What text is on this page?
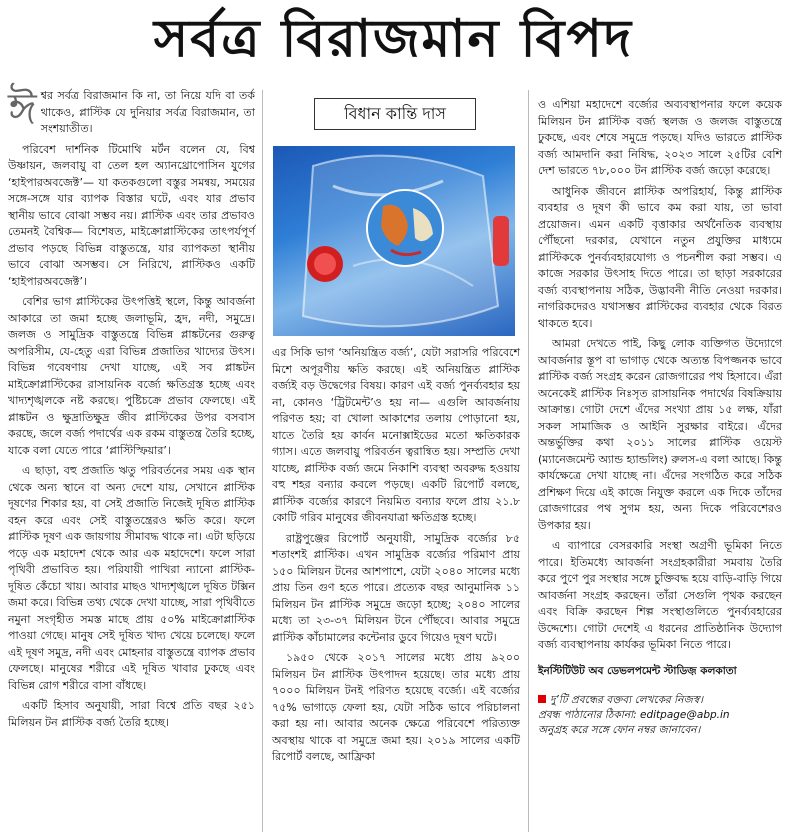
সর্বত্র বিরাজমান বিপদ

ঈশ্বর সর্বত্র বিরাজমান কি না, তা নিয়ে যদি বা তর্ক থাকেও, প্লাস্টিক যে দুনিয়ার সর্বত্র বিরাজমান, তা সংশয়াতীত।

পরিবেশ দার্শনিক টিমোথি মর্টন বলেন যে, বিশ্ব উষ্ণায়ন, জলবায়ু বা তেল হল অ্যানথ্রোপোসিন যুগের ‘হাইপারঅবজেক্ট’— যা কতকগুলো বস্তুর সমন্বয়, সময়ের সঙ্গে-সঙ্গে যার ব্যাপক বিস্তার ঘটে, এবং যার প্রভাব স্থানীয় ভাবে বোঝা সম্ভব নয়। প্লাস্টিক এবং তার প্রভাবও তেমনই বৈশ্বিক— বিশেষত, মাইক্রোপ্লাস্টিকের তাৎপর্যপূর্ণ প্রভাব পড়ছে বিভিন্ন বাস্তুতন্ত্রে, যার ব্যাপকতা স্থানীয় ভাবে বোঝা অসম্ভব। সে নিরিখে, প্লাস্টিকও একটি ‘হাইপারঅবজেক্ট’।

বেশির ভাগ প্লাস্টিকের উৎপত্তিই স্থলে, কিন্তু আবর্জনা আকারে তা জমা হচ্ছে জলাভূমি, হ্রদ, নদী, সমুদ্রে। জলজ ও সামুদ্রিক বাস্তুতন্ত্রে বিভিন্ন প্লাঙ্কটনের গুরুত্ব অপরিসীম, যে-হেতু এরা বিভিন্ন প্রজাতির খাদ্যের উৎস। বিভিন্ন গবেষণায় দেখা যাচ্ছে, এই সব প্লাঙ্কটন মাইক্রোপ্লাস্টিকের রাসায়নিক বর্জ্যে ক্ষতিগ্রস্ত হচ্ছে এবং খাদ্যশৃঙ্খলকে নষ্ট করছে। পুষ্টিচক্রে প্রভাব ফেলছে। এই প্লাঙ্কটন ও ক্ষুদ্রাতিক্ষুদ্র জীব প্লাস্টিকের উপর বসবাস করছে, জলে বর্জ্য পদার্থের এক রকম বাস্তুতন্ত্র তৈরি হচ্ছে, যাকে বলা যেতে পারে ‘প্লাস্টিস্ফিয়ার’।

এ ছাড়া, বহু প্রজাতি ঋতু পরিবর্তনের সময় এক স্থান থেকে অন্য স্থানে বা অন্য দেশে যায়, সেখানে প্লাস্টিক দূষণের শিকার হয়, বা সেই প্রজাতি নিজেই দূষিত প্লাস্টিক বহন করে এবং সেই বাস্তুতন্ত্রেরও ক্ষতি করে। ফলে প্লাস্টিক দূষণ এক জায়গায় সীমাবদ্ধ থাকে না। এটা ছড়িয়ে পড়ে এক মহাদেশ থেকে আর এক মহাদেশে। ফলে সারা পৃথিবী প্রভাবিত হয়। পরিযায়ী পাখিরা ন্যানো প্লাস্টিক-দূষিত কেঁচো খায়। আবার মাছও খাদ্যশৃঙ্খলে দূষিত টক্সিন জমা করে। বিভিন্ন তথ্য থেকে দেখা যাচ্ছে, সারা পৃথিবীতে নমুনা সংগৃহীত সমস্ত মাছে প্রায় ৫০% মাইক্রোপ্লাস্টিক পাওয়া গেছে। মানুষ সেই দূষিত খাদ্য খেয়ে চলেছে। ফলে এই দূষণ সমুদ্র, নদী এবং মোহনার বাস্তুতন্ত্রে ব্যাপক প্রভাব ফেলছে। মানুষের শরীরে এই দূষিত খাবার ঢুকছে এবং বিভিন্ন রোগ শরীরে বাসা বাঁধছে।

একটি হিসাব অনুযায়ী, সারা বিশ্বে প্রতি বছর ২৫১ মিলিয়ন টন প্লাস্টিক বর্জ্য তৈরি হচ্ছে।

বিধান কান্তি দাস

এর সিকি ভাগ ‘অনিয়ন্ত্রিত বর্জ্য’, যেটা সরাসরি পরিবেশে মিশে অপূরণীয় ক্ষতি করছে। এই অনিয়ন্ত্রিত প্লাস্টিক বর্জ্যই বড় উদ্বেগের বিষয়। কারণ এই বর্জ্য পুনর্ব্যবহার হয় না, কোনও ‘ট্রিটমেন্ট’ও হয় না— এগুলি আবর্জনায় পরিণত হয়; বা খোলা আকাশের তলায় পোড়ানো হয়, যাতে তৈরি হয় কার্বন মনোক্সাইডের মতো ক্ষতিকারক গ্যাস। এতে জলবায়ু পরিবর্তন ত্বরান্বিত হয়। সম্প্রতি দেখা যাচ্ছে, প্লাস্টিক বর্জ্য জমে নিকাশি ব্যবস্থা অবরুদ্ধ হওয়ায় বহু শহর বন্যার কবলে পড়ছে। একটি রিপোর্ট বলছে, প্লাস্টিক বর্জ্যের কারণে নিয়মিত বন্যার ফলে প্রায় ২১.৮ কোটি গরিব মানুষের জীবনযাত্রা ক্ষতিগ্রস্ত হচ্ছে।

রাষ্ট্রপুঞ্জের রিপোর্ট অনুযায়ী, সামুদ্রিক বর্জ্যের ৮৫ শতাংশই প্লাস্টিক। এখন সামুদ্রিক বর্জ্যের পরিমাণ প্রায় ১৫০ মিলিয়ন টনের আশপাশে, যেটা ২০৪০ সালের মধ্যে প্রায় তিন গুণ হতে পারে। প্রত্যেক বছর আনুমানিক ১১ মিলিয়ন টন প্লাস্টিক সমুদ্রে জড়ো হচ্ছে; ২০৪০ সালের মধ্যে তা ২৩-৩৭ মিলিয়ন টনে পৌঁছবে। আবার সমুদ্রে প্লাস্টিক কাঁচামালের কন্টেনার ডুবে গিয়েও দূষণ ঘটে।

১৯৫০ থেকে ২০১৭ সালের মধ্যে প্রায় ৯২০০ মিলিয়ন টন প্লাস্টিক উৎপাদন হয়েছে। তার মধ্যে প্রায় ৭০০০ মিলিয়ন টনই পরিণত হয়েছে বর্জ্যে। এই বর্জ্যের ৭৫% ভাগাড়ে ফেলা হয়, যেটা সঠিক ভাবে পরিচালনা করা হয় না। আবার অনেক ক্ষেত্রে পরিবেশে পরিত্যক্ত অবস্থায় থাকে বা সমুদ্রে জমা হয়। ২০১৯ সালের একটি রিপোর্ট বলছে, আফ্রিকা

ও এশিয়া মহাদেশে বর্জ্যের অব্যবস্থাপনার ফলে কয়েক মিলিয়ন টন প্লাস্টিক বর্জ্য স্থলজ ও জলজ বাস্তুতন্ত্রে ঢুকছে, এবং শেষে সমুদ্রে পড়ছে। যদিও ভারতে প্লাস্টিক বর্জ্য আমদানি করা নিষিদ্ধ, ২০২৩ সালে ২৫টির বেশি দেশ ভারতে ৭৮,০০০ টন প্লাস্টিক বর্জ্য জড়ো করেছে।

আধুনিক জীবনে প্লাস্টিক অপরিহার্য, কিন্তু প্লাস্টিক ব্যবহার ও দূষণ কী ভাবে কম করা যায়, তা ভাবা প্রয়োজন। এমন একটি বৃত্তাকার অর্থনৈতিক ব্যবস্থায় পৌঁছনো দরকার, যেখানে নতুন প্রযুক্তির মাধ্যমে প্লাস্টিককে পুনর্ব্যবহারযোগ্য ও পচনশীল করা সম্ভব। এ কাজে সরকার উৎসাহ দিতে পারে। তা ছাড়া সরকারের বর্জ্য ব্যবস্থাপনায় সঠিক, উদ্ভাবনী নীতি নেওয়া দরকার। নাগরিকদেরও যথাসম্ভব প্লাস্টিকের ব্যবহার থেকে বিরত থাকতে হবে।

আমরা দেখতে পাই, কিছু লোক ব্যক্তিগত উদ্যোগে আবর্জনার স্তূপ বা ভাগাড় থেকে অত্যন্ত বিপজ্জনক ভাবে প্লাস্টিক বর্জ্য সংগ্রহ করেন রোজগারের পথ হিসাবে। এঁরা অনেকেই প্লাস্টিক নিঃসৃত রাসায়নিক পদার্থের বিষক্রিয়ায় আক্রান্ত। গোটা দেশে এঁদের সংখ্যা প্রায় ১৫ লক্ষ, যাঁরা সকল সামাজিক ও আইনি সুরক্ষার বাইরে। এঁদের অন্তর্ভুক্তির কথা ২০১১ সালের প্লাস্টিক ওয়েস্ট (ম্যানেজমেন্ট অ্যান্ড হ্যান্ডলিং) রুলস-এ বলা আছে। কিন্তু কার্যক্ষেত্রে দেখা যাচ্ছে না। এঁদের সংগঠিত করে সঠিক প্রশিক্ষণ দিয়ে এই কাজে নিযুক্ত করলে এক দিকে তাঁদের রোজগারের পথ সুগম হয়, অন্য দিকে পরিবেশেরও উপকার হয়।

এ ব্যাপারে বেসরকারি সংস্থা অগ্রণী ভূমিকা নিতে পারে। ইতিমধ্যে আবর্জনা সংগ্রহকারীরা সমবায় তৈরি করে পুণে পুর সংস্থার সঙ্গে চুক্তিবদ্ধ হয়ে বাড়ি-বাড়ি গিয়ে আবর্জনা সংগ্রহ করছেন। তাঁরা সেগুলি পৃথক করছেন এবং বিক্রি করছেন শিল্প সংস্থাগুলিতে পুনর্ব্যবহারের উদ্দেশ্যে। গোটা দেশেই এ ধরনের প্রাতিষ্ঠানিক উদ্যোগ বর্জ্য ব্যবস্থাপনায় কার্যকর ভূমিকা নিতে পারে।

ইনস্টিটিউট অব ডেভলপমেন্ট স্টাডিজ় কলকাতা
দু’টি প্রবন্ধের বক্তব্য লেখকের নিজস্ব।
প্রবন্ধ পাঠানোর ঠিকানা: editpage@abp.in
অনুগ্রহ করে সঙ্গে ফোন নম্বর জানাবেন।
